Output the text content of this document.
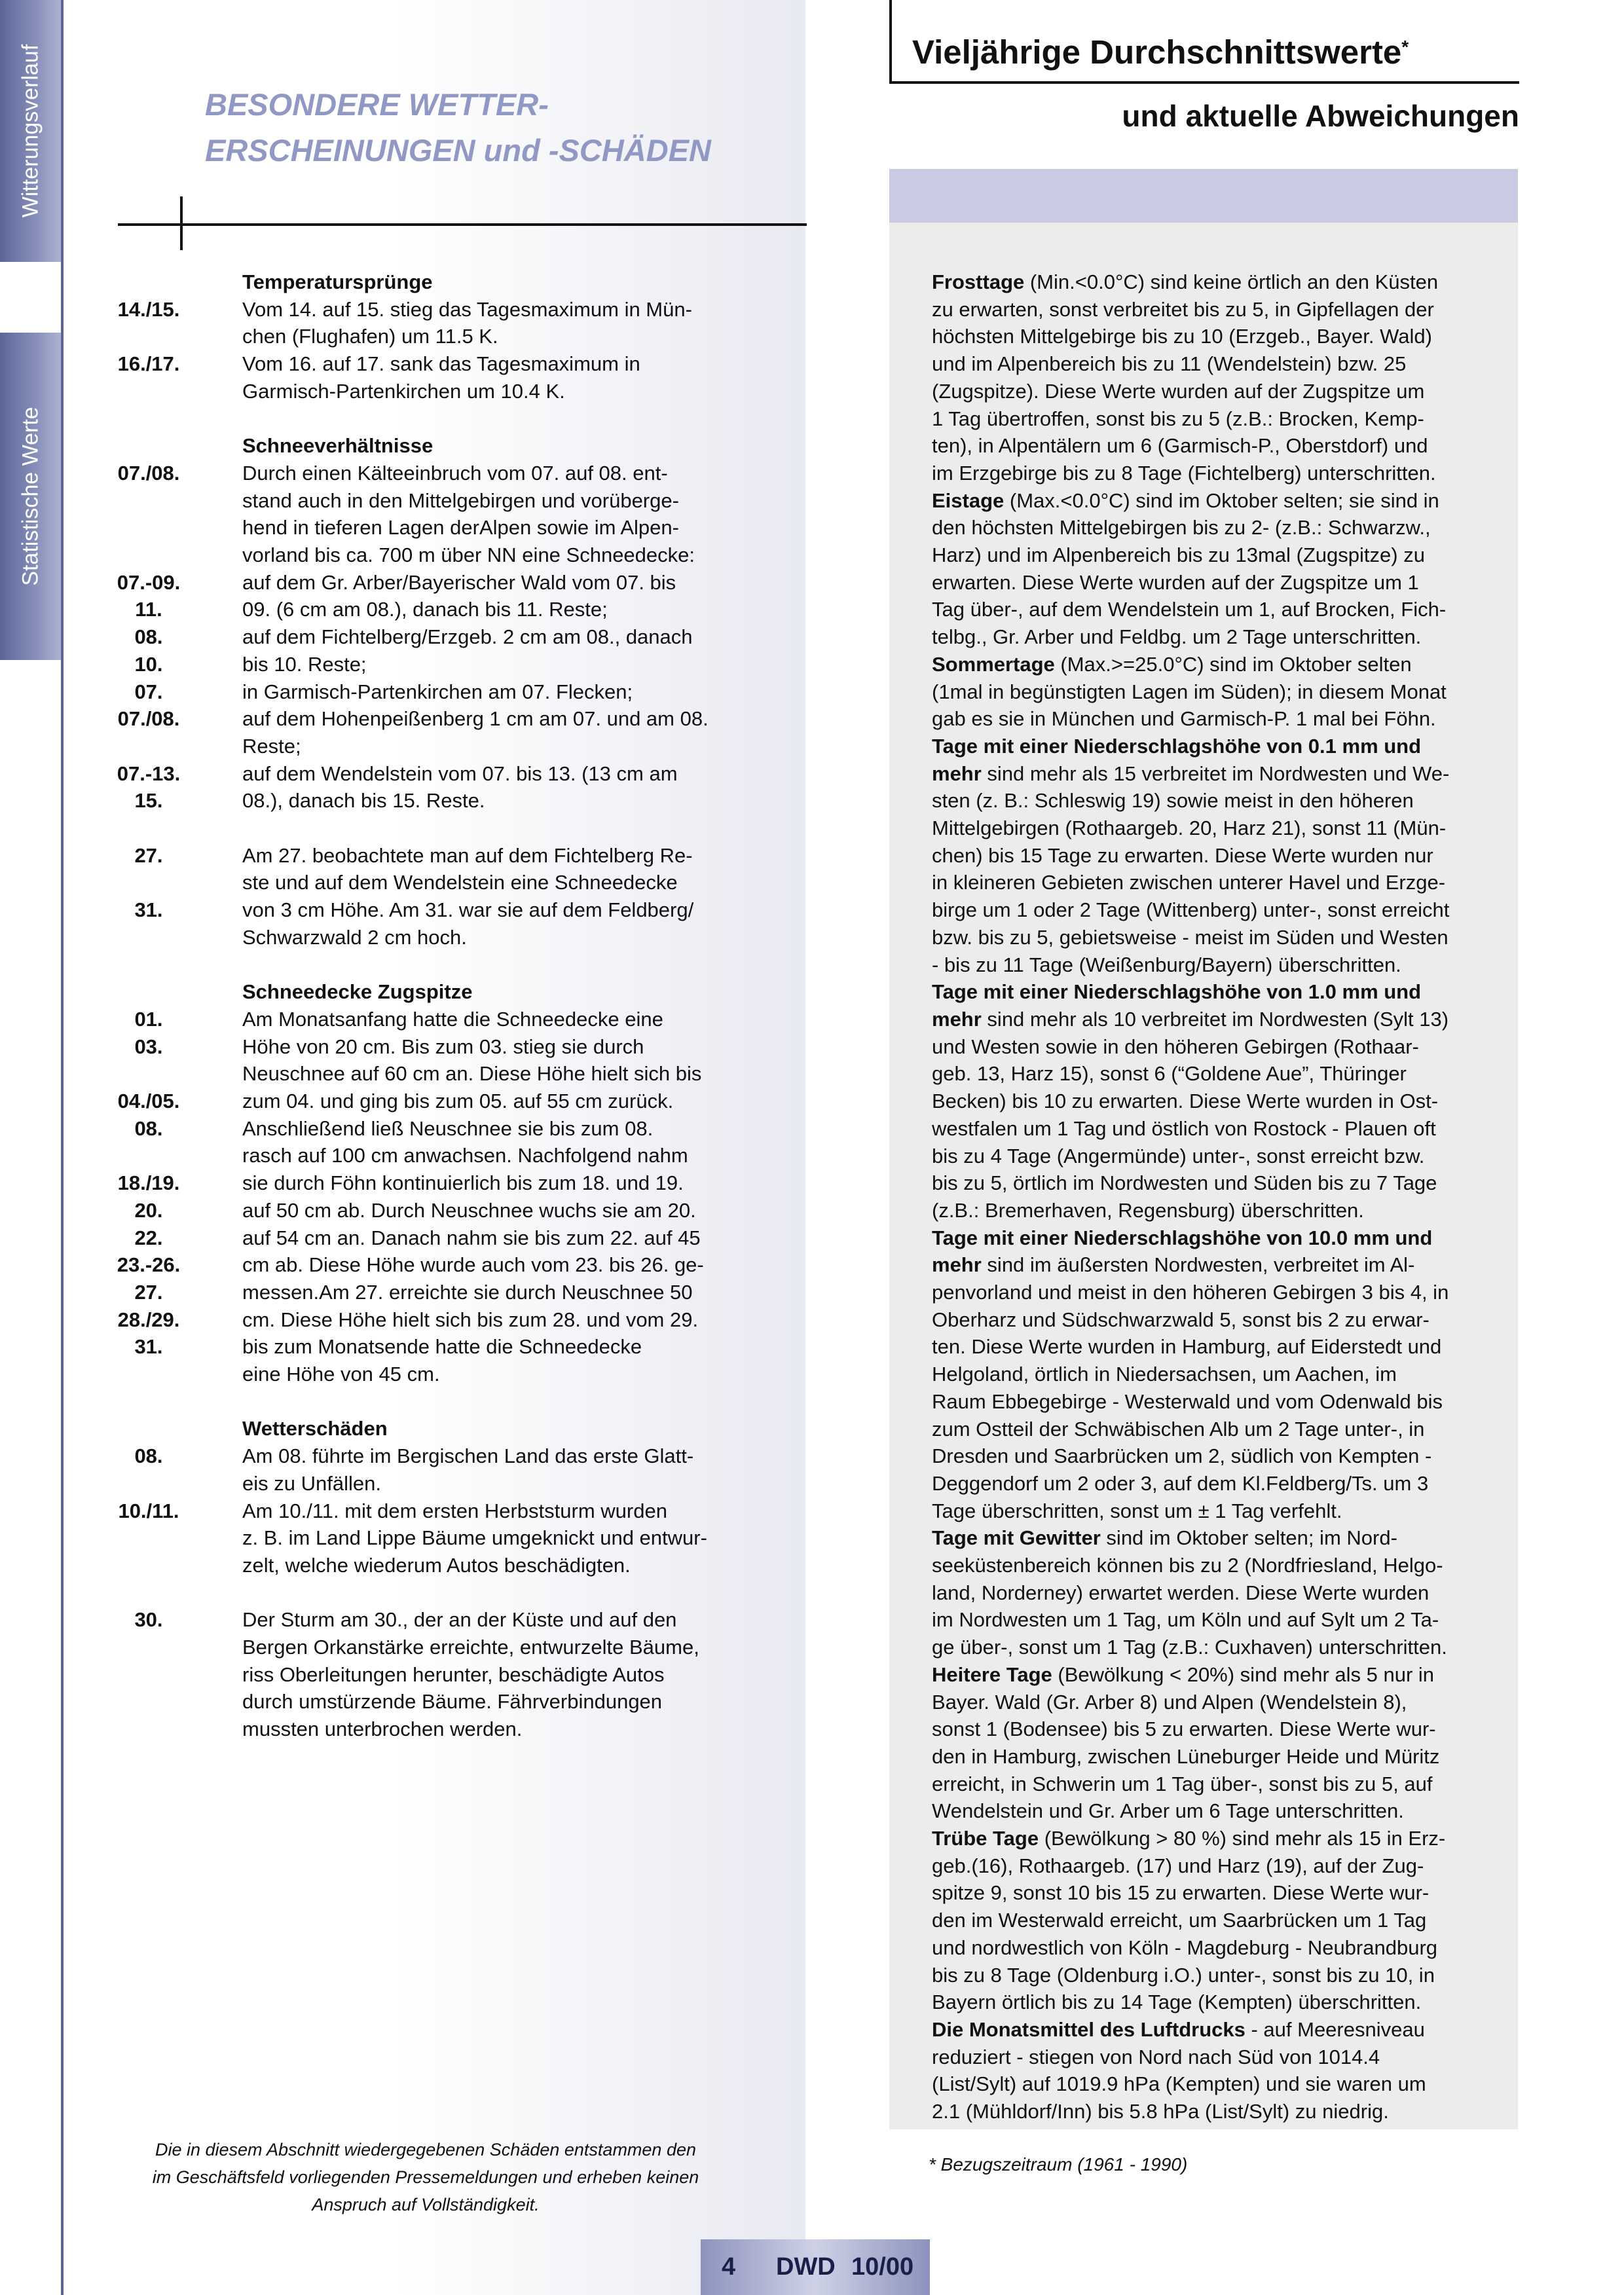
Witterungsverlauf
Statistische Werte
BESONDERE WETTER-
ERSCHEINUNGEN und -SCHÄDEN
Temperatursprünge
14./15.	Vom 14. auf 15. stieg das Tagesmaximum in Mün-
chen (Flughafen) um 11.5 K.
16./17.	Vom 16. auf 17. sank das Tagesmaximum in
Garmisch-Partenkirchen um 10.4 K.
Schneeverhältnisse
07./08.	Durch einen Kälteeinbruch vom 07. auf 08. ent-
stand auch in den Mittelgebirgen und vorüberge-
hend in tieferen Lagen derAlpen sowie im Alpen-
vorland bis ca. 700 m über NN eine Schneedecke:
07.-09.	auf dem Gr. Arber/Bayerischer Wald vom 07. bis
11.	09. (6 cm am 08.), danach bis 11. Reste;
08.	auf dem Fichtelberg/Erzgeb. 2 cm am 08., danach
10.	bis 10. Reste;
07.	in Garmisch-Partenkirchen am 07. Flecken;
07./08.	auf dem Hohenpeißenberg 1 cm am 07. und am 08.
Reste;
07.-13.	auf dem Wendelstein vom 07. bis 13. (13 cm am
15.	08.), danach bis 15. Reste.
27.	Am 27. beobachtete man auf dem Fichtelberg Re-
ste und auf dem Wendelstein eine Schneedecke
31.	von 3 cm Höhe. Am 31. war sie auf dem Feldberg/
Schwarzwald 2 cm hoch.
Schneedecke Zugspitze
01.	Am Monatsanfang hatte die Schneedecke eine
03.	Höhe von 20 cm. Bis zum 03. stieg sie durch
Neuschnee auf 60 cm an. Diese Höhe hielt sich bis
04./05.	zum 04. und ging bis zum 05. auf 55 cm zurück.
08.	Anschließend ließ Neuschnee sie bis zum 08.
rasch auf 100 cm anwachsen. Nachfolgend nahm
18./19.	sie durch Föhn kontinuierlich bis zum 18. und 19.
20.	auf 50 cm ab. Durch Neuschnee wuchs sie am 20.
22.	auf 54 cm an. Danach nahm sie bis zum 22. auf 45
23.-26.	cm ab. Diese Höhe wurde auch vom 23. bis 26. ge-
27.	messen.Am 27. erreichte sie durch Neuschnee 50
28./29.	cm. Diese Höhe hielt sich bis zum 28. und vom 29.
31.	bis zum Monatsende hatte die Schneedecke
eine Höhe von 45 cm.
Wetterschäden
08.	Am 08. führte im Bergischen Land das erste Glatt-
eis zu Unfällen.
10./11.	Am 10./11. mit dem ersten Herbststurm wurden
z. B. im Land Lippe Bäume umgeknickt und entwur-
zelt, welche wiederum Autos beschädigten.
30.	Der Sturm am 30., der an der Küste und auf den
Bergen Orkanstärke erreichte, entwurzelte Bäume,
riss Oberleitungen herunter, beschädigte Autos
durch umstürzende Bäume. Fährverbindungen
mussten unterbrochen werden.
Die in diesem Abschnitt wiedergegebenen Schäden entstammen den
im Geschäftsfeld vorliegenden Pressemeldungen und erheben keinen
Anspruch auf Vollständigkeit.
Vieljährige Durchschnittswerte*
und aktuelle Abweichungen
Frosttage (Min.<0.0°C) sind keine örtlich an den Küsten
zu erwarten, sonst verbreitet bis zu 5, in Gipfellagen der
höchsten Mittelgebirge bis zu 10 (Erzgeb., Bayer. Wald)
und im Alpenbereich bis zu 11 (Wendelstein) bzw. 25
(Zugspitze). Diese Werte wurden auf der Zugspitze um
1 Tag übertroffen, sonst bis zu 5 (z.B.: Brocken, Kemp-
ten), in Alpentälern um 6 (Garmisch-P., Oberstdorf) und
im Erzgebirge bis zu 8 Tage (Fichtelberg) unterschritten.
Eistage (Max.<0.0°C) sind im Oktober selten; sie sind in
den höchsten Mittelgebirgen bis zu 2- (z.B.: Schwarzw.,
Harz) und im Alpenbereich bis zu 13mal (Zugspitze) zu
erwarten. Diese Werte wurden auf der Zugspitze um 1
Tag über-, auf dem Wendelstein um 1, auf Brocken, Fich-
telbg., Gr. Arber und Feldbg. um 2 Tage unterschritten.
Sommertage (Max.>=25.0°C) sind im Oktober selten
(1mal in begünstigten Lagen im Süden); in diesem Monat
gab es sie in München und Garmisch-P. 1 mal bei Föhn.
Tage mit einer Niederschlagshöhe von 0.1 mm und
mehr sind mehr als 15 verbreitet im Nordwesten und We-
sten (z. B.: Schleswig 19) sowie meist in den höheren
Mittelgebirgen (Rothaargeb. 20, Harz 21), sonst 11 (Mün-
chen) bis 15 Tage zu erwarten. Diese Werte wurden nur
in kleineren Gebieten zwischen unterer Havel und Erzge-
birge um 1 oder 2 Tage (Wittenberg) unter-, sonst erreicht
bzw. bis zu 5, gebietsweise - meist im Süden und Westen
- bis zu 11 Tage (Weißenburg/Bayern) überschritten.
Tage mit einer Niederschlagshöhe von 1.0 mm und
mehr sind mehr als 10 verbreitet im Nordwesten (Sylt 13)
und Westen sowie in den höheren Gebirgen (Rothaar-
geb. 13, Harz 15), sonst 6 (“Goldene Aue”, Thüringer
Becken) bis 10 zu erwarten. Diese Werte wurden in Ost-
westfalen um 1 Tag und östlich von Rostock - Plauen oft
bis zu 4 Tage (Angermünde) unter-, sonst erreicht bzw.
bis zu 5, örtlich im Nordwesten und Süden bis zu 7 Tage
(z.B.: Bremerhaven, Regensburg) überschritten.
Tage mit einer Niederschlagshöhe von 10.0 mm und
mehr sind im äußersten Nordwesten, verbreitet im Al-
penvorland und meist in den höheren Gebirgen 3 bis 4, in
Oberharz und Südschwarzwald 5, sonst bis 2 zu erwar-
ten. Diese Werte wurden in Hamburg, auf Eiderstedt und
Helgoland, örtlich in Niedersachsen, um Aachen, im
Raum Ebbegebirge - Westerwald und vom Odenwald bis
zum Ostteil der Schwäbischen Alb um 2 Tage unter-, in
Dresden und Saarbrücken um 2, südlich von Kempten -
Deggendorf um 2 oder 3, auf dem Kl.Feldberg/Ts. um 3
Tage überschritten, sonst um ± 1 Tag verfehlt.
Tage mit Gewitter sind im Oktober selten; im Nord-
seeküstenbereich können bis zu 2 (Nordfriesland, Helgo-
land, Norderney) erwartet werden. Diese Werte wurden
im Nordwesten um 1 Tag, um Köln und auf Sylt um 2 Ta-
ge über-, sonst um 1 Tag (z.B.: Cuxhaven) unterschritten.
Heitere Tage (Bewölkung < 20%) sind mehr als 5 nur in
Bayer. Wald (Gr. Arber 8) und Alpen (Wendelstein 8),
sonst 1 (Bodensee) bis 5 zu erwarten. Diese Werte wur-
den in Hamburg, zwischen Lüneburger Heide und Müritz
erreicht, in Schwerin um 1 Tag über-, sonst bis zu 5, auf
Wendelstein und Gr. Arber um 6 Tage unterschritten.
Trübe Tage (Bewölkung > 80 %) sind mehr als 15 in Erz-
geb.(16), Rothaargeb. (17) und Harz (19), auf der Zug-
spitze 9, sonst 10 bis 15 zu erwarten. Diese Werte wur-
den im Westerwald erreicht, um Saarbrücken um 1 Tag
und nordwestlich von Köln - Magdeburg - Neubrandburg
bis zu 8 Tage (Oldenburg i.O.) unter-, sonst bis zu 10, in
Bayern örtlich bis zu 14 Tage (Kempten) überschritten.
Die Monatsmittel des Luftdrucks - auf Meeresniveau
reduziert - stiegen von Nord nach Süd von 1014.4
(List/Sylt) auf 1019.9 hPa (Kempten) und sie waren um
2.1 (Mühldorf/Inn) bis 5.8 hPa (List/Sylt) zu niedrig.
* Bezugszeitraum (1961 - 1990)
4 DWD 10/00
